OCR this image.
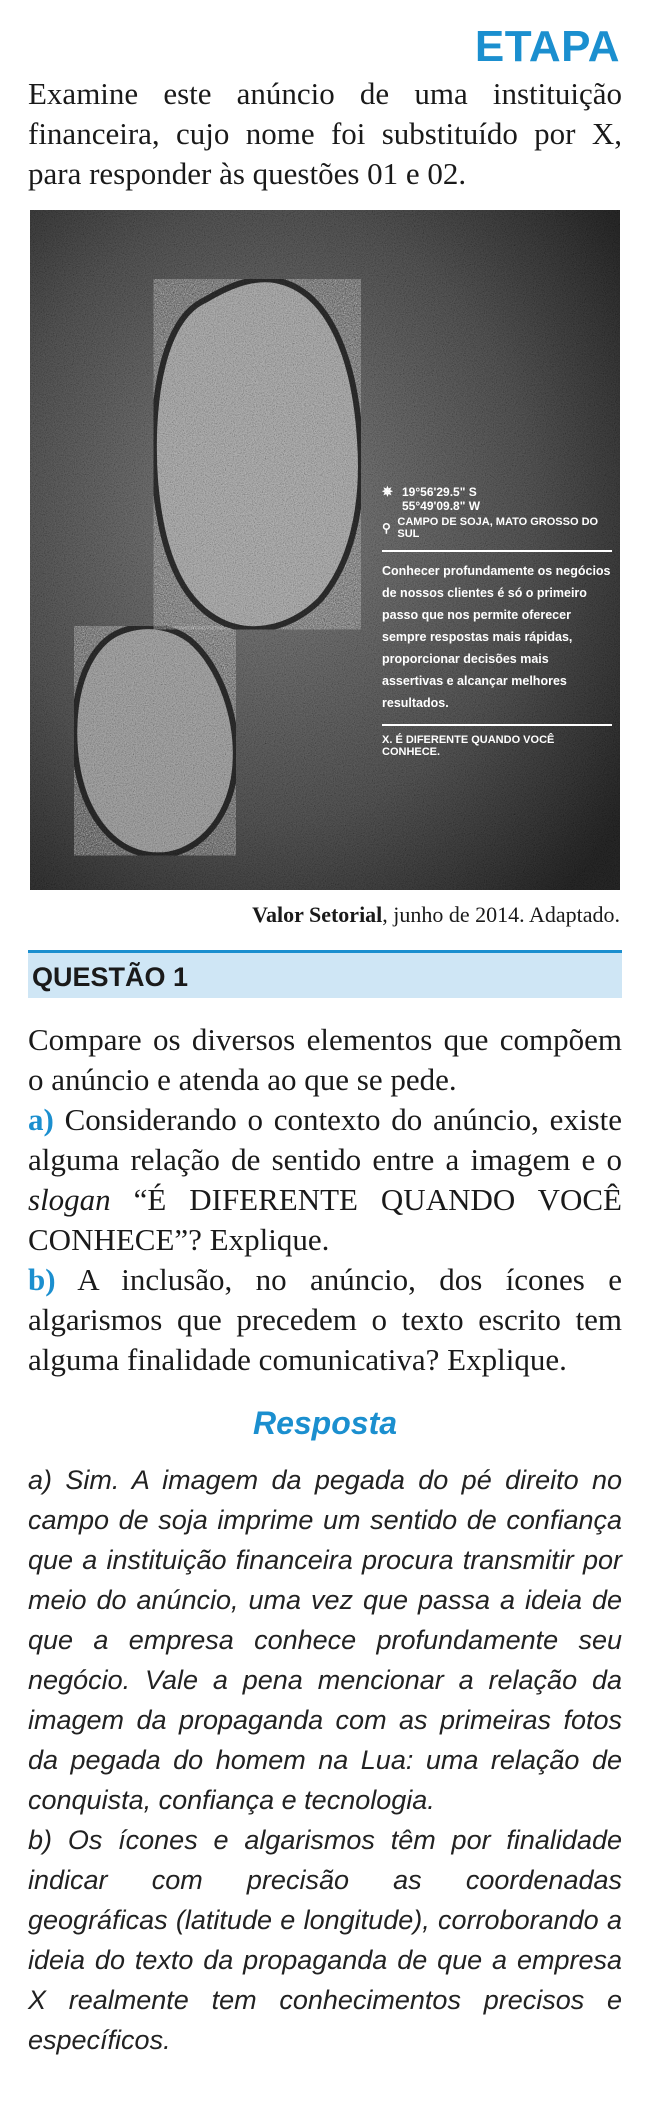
ETAPA
Examine este anúncio de uma instituição financeira, cujo nome foi substituído por X, para responder às questões 01 e 02.
✵ 19°56'29.5" S
55°49'09.8" W
⚲ CAMPO DE SOJA, MATO GROSSO DO SUL
Conhecer profundamente os negócios de nossos clientes é só o primeiro passo que nos permite oferecer sempre respostas mais rápidas, proporcionar decisões mais assertivas e alcançar melhores resultados.
X. É DIFERENTE QUANDO VOCÊ CONHECE.
Valor Setorial, junho de 2014. Adaptado.
QUESTÃO 1

Compare os diversos elementos que compõem o anúncio e atenda ao que se pede.

a) Considerando o contexto do anúncio, existe alguma relação de sentido entre a imagem e o slogan “É DIFERENTE QUANDO VOCÊ CONHECE”? Explique.

b) A inclusão, no anúncio, dos ícones e algarismos que precedem o texto escrito tem alguma finalidade comunicativa? Explique.

Resposta

a) Sim. A imagem da pegada do pé direito no campo de soja imprime um sentido de confiança que a instituição financeira procura transmitir por meio do anúncio, uma vez que passa a ideia de que a empresa conhece profundamente seu negócio. Vale a pena mencionar a relação da imagem da propaganda com as primeiras fotos da pegada do homem na Lua: uma relação de conquista, confiança e tecnologia.

b) Os ícones e algarismos têm por finalidade indicar com precisão as coordenadas geográficas (latitude e longitude), corroborando a ideia do texto da propaganda de que a empresa X realmente tem conhecimentos precisos e específicos.
